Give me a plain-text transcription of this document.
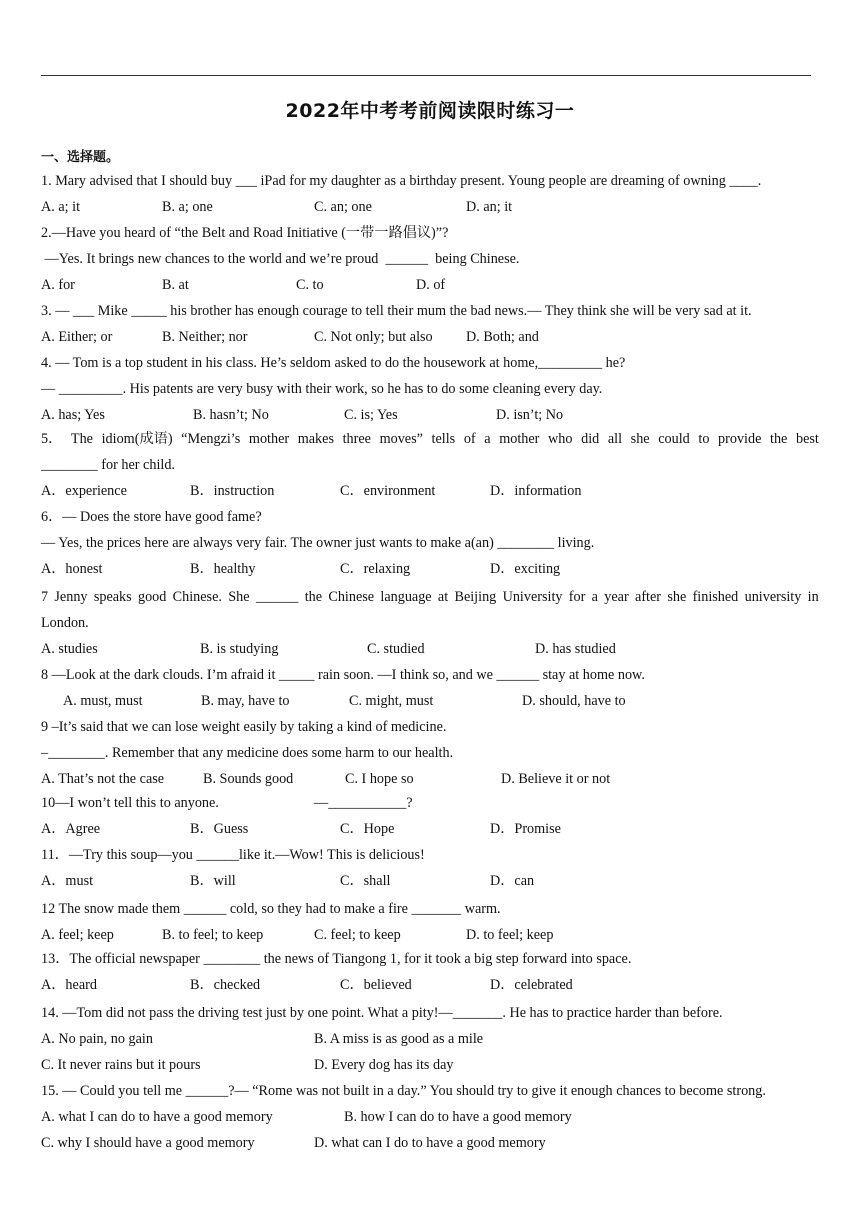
2022年中考考前阅读限时练习一
一、选择题。
1. Mary advised that I should buy ___ iPad for my daughter as a birthday present. Young people are dreaming of owning ____.
A. a; it	B. a; one	C. an; one	D. an; it
2.—Have you heard of “the Belt and Road Initiative (一带一路倡议)”?
—Yes. It brings new chances to the world and we’re proud  ______  being Chinese.
A. for	B. at	C. to	D. of
3. — ___ Mike _____ his brother has enough courage to tell their mum the bad news.— They think she will be very sad at it.
A. Either; or	B. Neither; nor	C. Not only; but also D. Both; and
4. — Tom is a top student in his class. He’s seldom asked to do the housework at home,_________ he?
— _________. His patents are very busy with their work, so he has to do some cleaning every day.
A. has; Yes	B. hasn’t; No	C. is; Yes	D. isn’t; No
5． The idiom(成语) “Mengzi’s mother makes three moves” tells of a mother who did all she could to provide the best
________ for her child.
A．experience	B．instruction	C．environment	D．information
6．— Does the store have good fame?
— Yes, the prices here are always very fair. The owner just wants to make a(an) ________ living.
A．honest	B．healthy	C．relaxing	D．exciting
7 Jenny speaks good Chinese. She ______ the Chinese language at Beijing University for a year after she finished university in
London.
A. studies	B. is studying	C. studied	D. has studied
8 ―Look at the dark clouds. I’m afraid it _____ rain soon. ―I think so, and we ______ stay at home now.
A. must, must	B. may, have to	C. might, must	D. should, have to
9 –It’s said that we can lose weight easily by taking a kind of medicine.
–________. Remember that any medicine does some harm to our health.
A. That’s not the case	B. Sounds good	C. I hope so	D. Believe it or not
10—I won’t tell this to anyone.	—___________?
A．Agree	B．Guess	C．Hope	D．Promise
11．—Try this soup—you ______like it.—Wow! This is delicious!
A．must	B．will	C．shall	D．can
12 The snow made them ______ cold, so they had to make a fire _______ warm.
A. feel; keep	B. to feel; to keep	C. feel; to keep	D. to feel; keep
13．The official newspaper ________ the news of Tiangong 1, for it took a big step forward into space.
A．heard	B．checked	C．believed	D．celebrated
14. —Tom did not pass the driving test just by one point. What a pity!—_______. He has to practice harder than before.
A. No pain, no gain	B. A miss is as good as a mile
C. It never rains but it pours	D. Every dog has its day
15. — Could you tell me ______?— “Rome was not built in a day.” You should try to give it enough chances to become strong.
A. what I can do to have a good memory	B. how I can do to have a good memory
C. why I should have a good memory	D. what can I do to have a good memory
